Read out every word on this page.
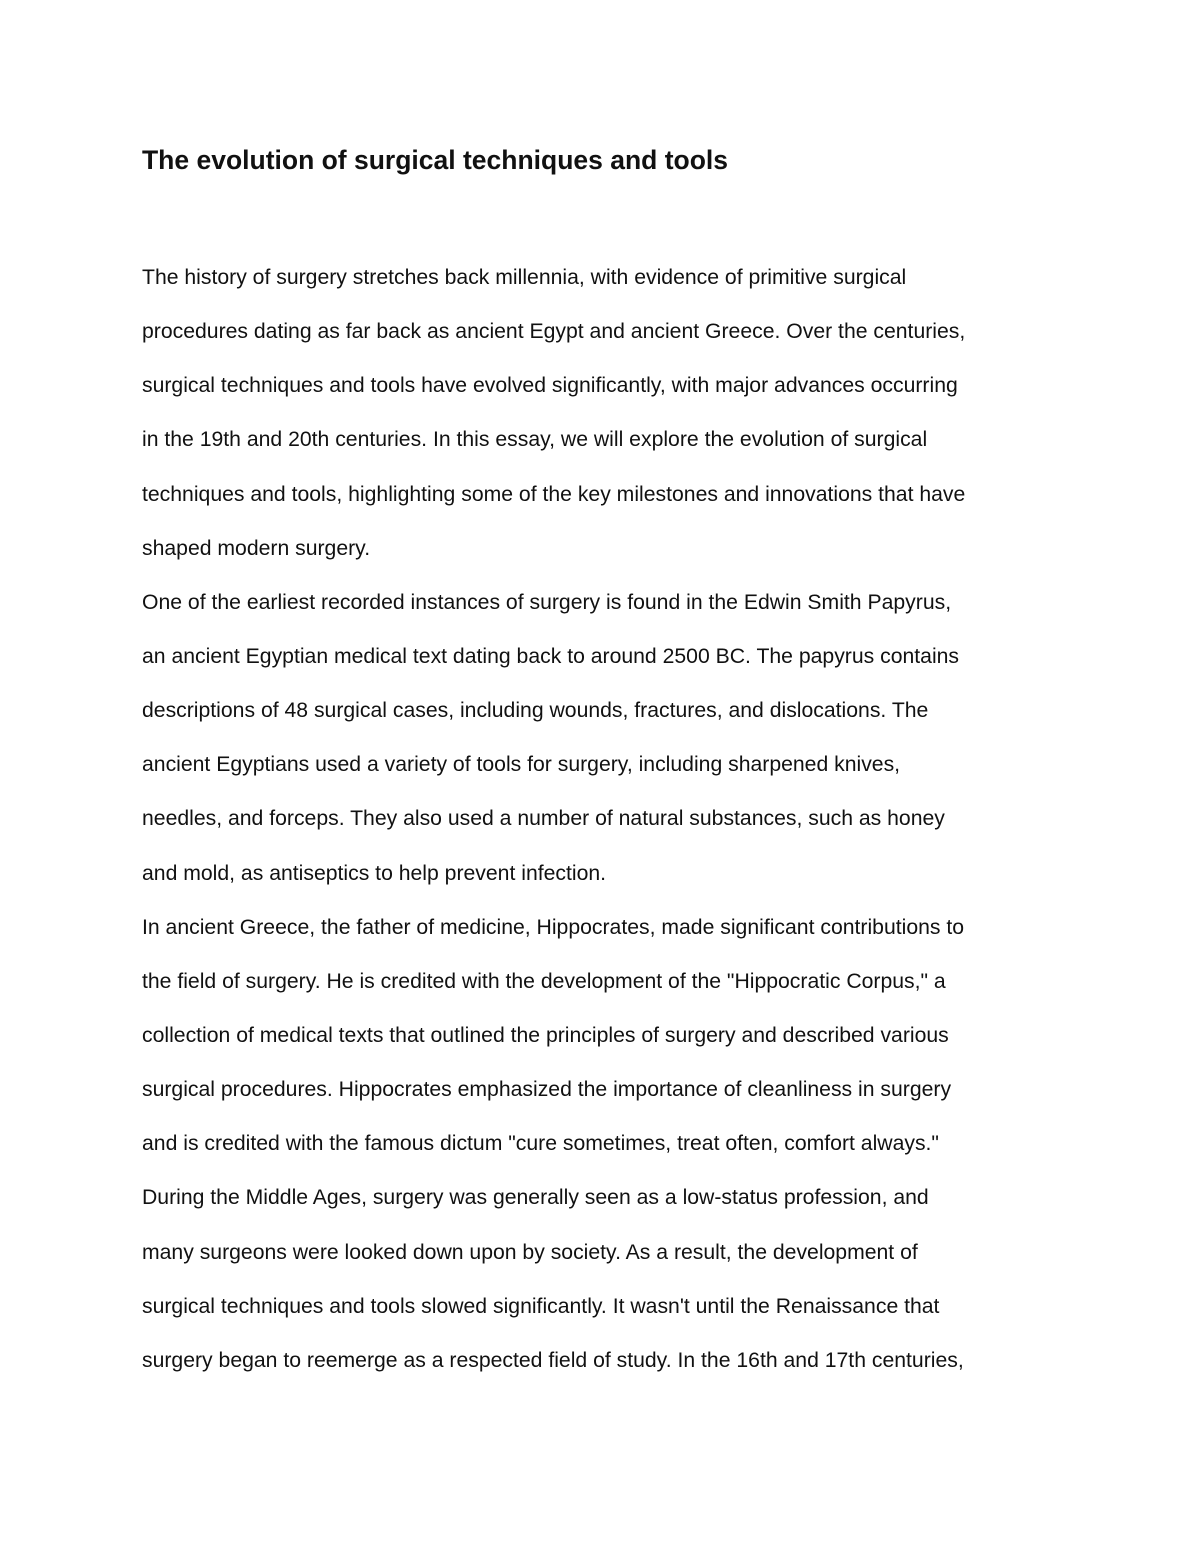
The evolution of surgical techniques and tools
The history of surgery stretches back millennia, with evidence of primitive surgical
procedures dating as far back as ancient Egypt and ancient Greece. Over the centuries,
surgical techniques and tools have evolved significantly, with major advances occurring
in the 19th and 20th centuries. In this essay, we will explore the evolution of surgical
techniques and tools, highlighting some of the key milestones and innovations that have
shaped modern surgery.
One of the earliest recorded instances of surgery is found in the Edwin Smith Papyrus,
an ancient Egyptian medical text dating back to around 2500 BC. The papyrus contains
descriptions of 48 surgical cases, including wounds, fractures, and dislocations. The
ancient Egyptians used a variety of tools for surgery, including sharpened knives,
needles, and forceps. They also used a number of natural substances, such as honey
and mold, as antiseptics to help prevent infection.
In ancient Greece, the father of medicine, Hippocrates, made significant contributions to
the field of surgery. He is credited with the development of the "Hippocratic Corpus," a
collection of medical texts that outlined the principles of surgery and described various
surgical procedures. Hippocrates emphasized the importance of cleanliness in surgery
and is credited with the famous dictum "cure sometimes, treat often, comfort always."
During the Middle Ages, surgery was generally seen as a low-status profession, and
many surgeons were looked down upon by society. As a result, the development of
surgical techniques and tools slowed significantly. It wasn't until the Renaissance that
surgery began to reemerge as a respected field of study. In the 16th and 17th centuries,
